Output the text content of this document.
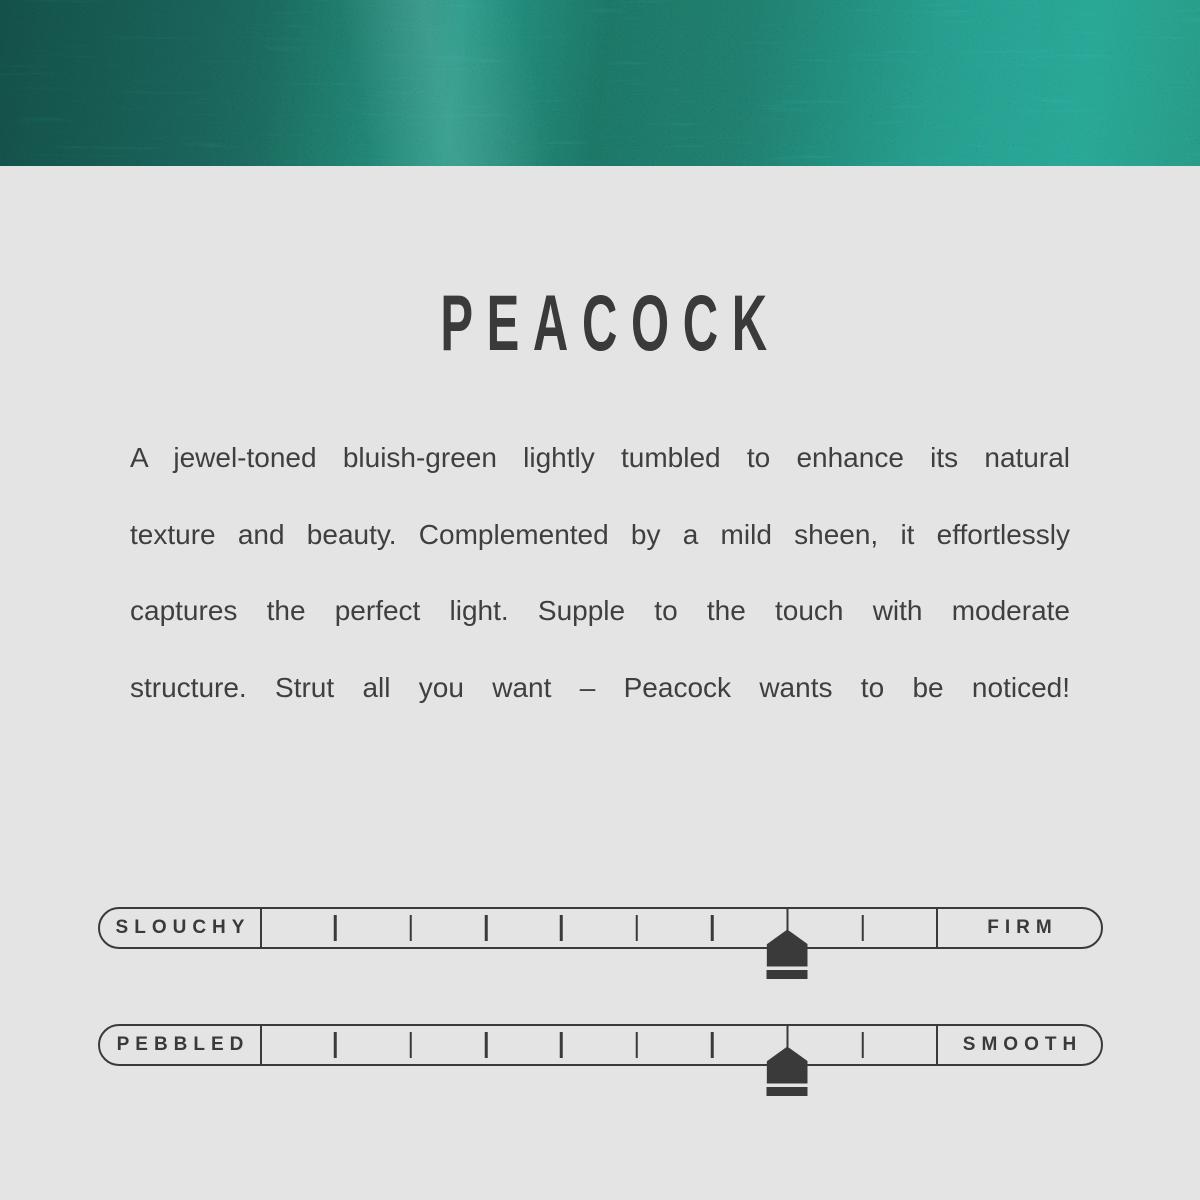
PEACOCK
A jewel-toned bluish-green lightly tumbled to enhance its natural
texture and beauty. Complemented by a mild sheen, it effortlessly
captures the perfect light. Supple to the touch with moderate
structure. Strut all you want – Peacock wants to be noticed!
SLOUCHY	FIRM
PEBBLED	SMOOTH
